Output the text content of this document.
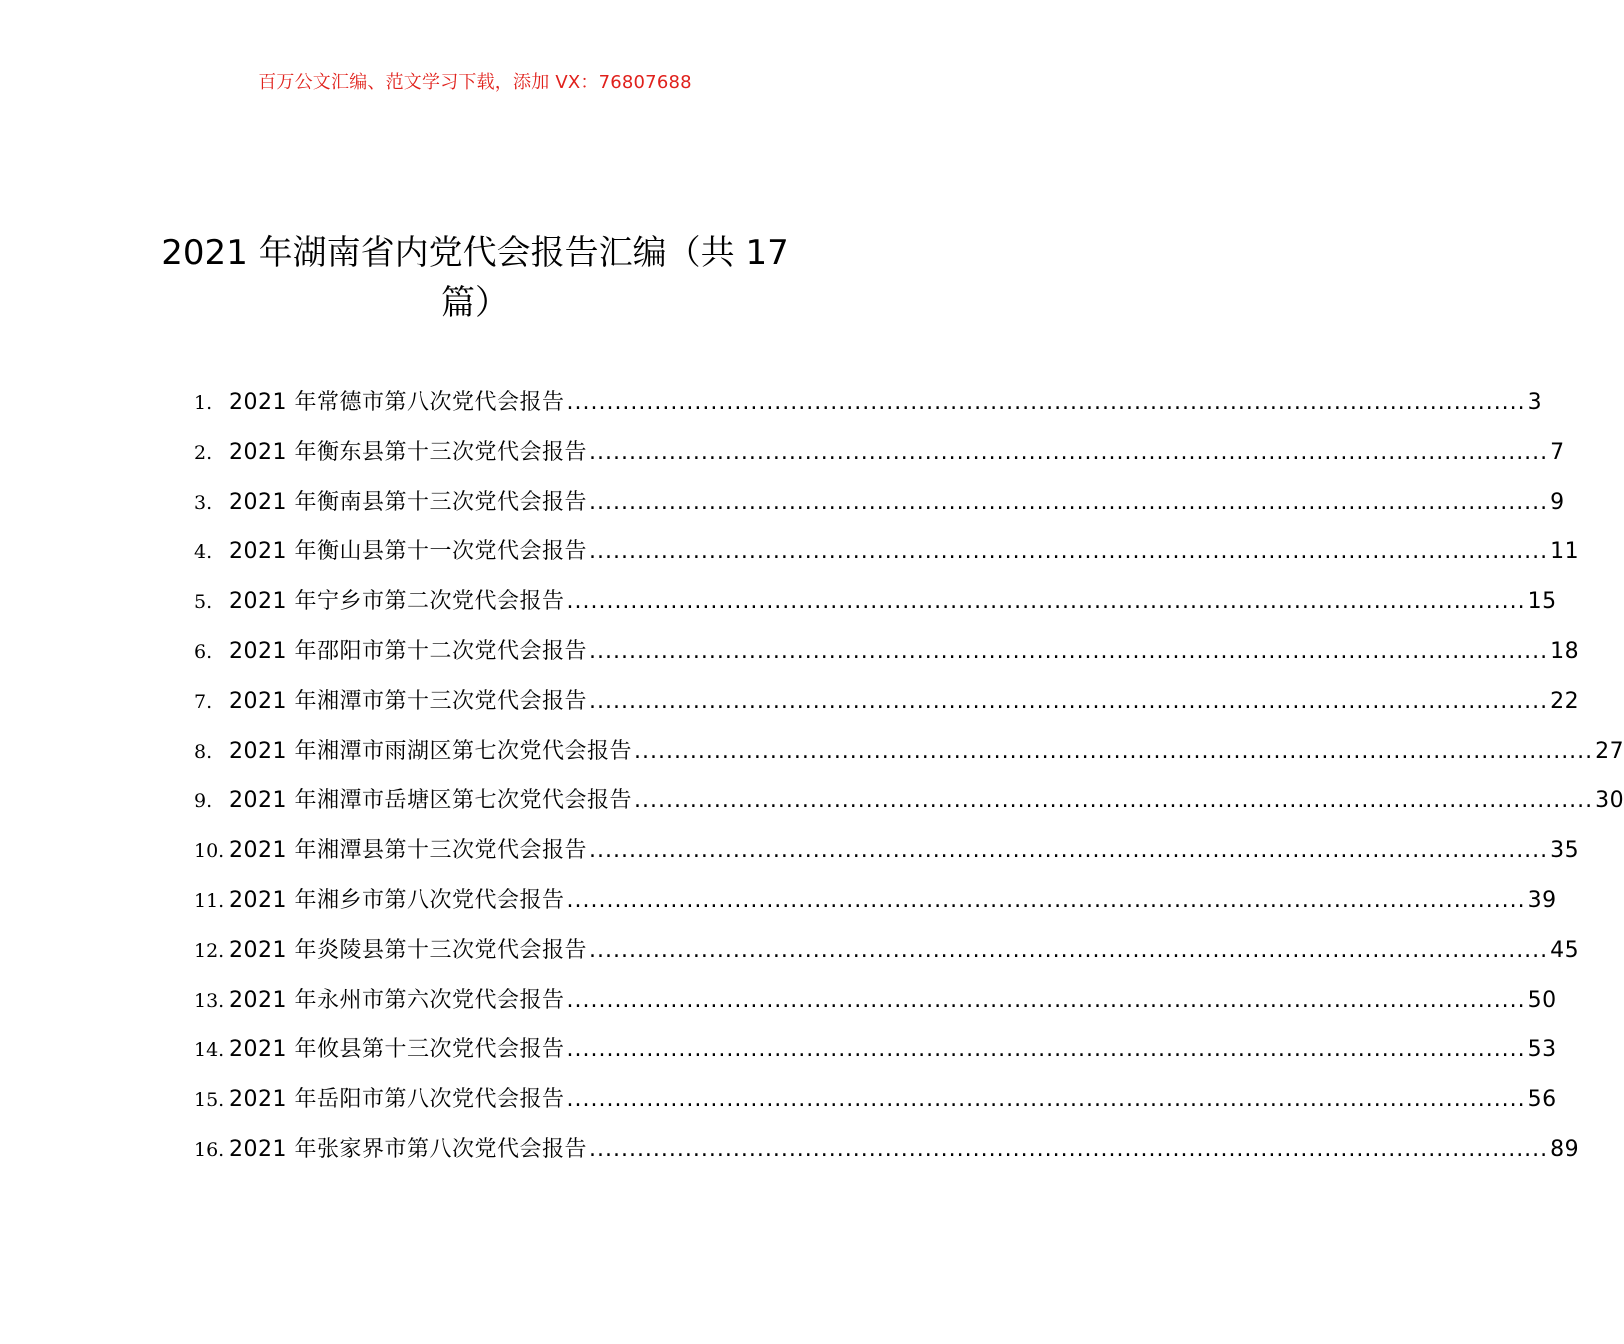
百万公文汇编、范文学习下载，添加 VX：76807688
2021 年湖南省内党代会报告汇编（共 17 篇）
1. 2021 年常德市第八次党代会报告 ........................................................................................................................ 3
2. 2021 年衡东县第十三次党代会报告 ........................................................................................................................ 7
3. 2021 年衡南县第十三次党代会报告 ........................................................................................................................ 9
4. 2021 年衡山县第十一次党代会报告 ........................................................................................................................ 11
5. 2021 年宁乡市第二次党代会报告 ........................................................................................................................ 15
6. 2021 年邵阳市第十二次党代会报告 ........................................................................................................................ 18
7. 2021 年湘潭市第十三次党代会报告 ........................................................................................................................ 22
8. 2021 年湘潭市雨湖区第七次党代会报告 ........................................................................................................................ 27
9. 2021 年湘潭市岳塘区第七次党代会报告 ........................................................................................................................ 30
10. 2021 年湘潭县第十三次党代会报告 ........................................................................................................................ 35
11. 2021 年湘乡市第八次党代会报告 ........................................................................................................................ 39
12. 2021 年炎陵县第十三次党代会报告 ........................................................................................................................ 45
13. 2021 年永州市第六次党代会报告 ........................................................................................................................ 50
14. 2021 年攸县第十三次党代会报告 ........................................................................................................................ 53
15. 2021 年岳阳市第八次党代会报告 ........................................................................................................................ 56
16. 2021 年张家界市第八次党代会报告 ........................................................................................................................ 89
